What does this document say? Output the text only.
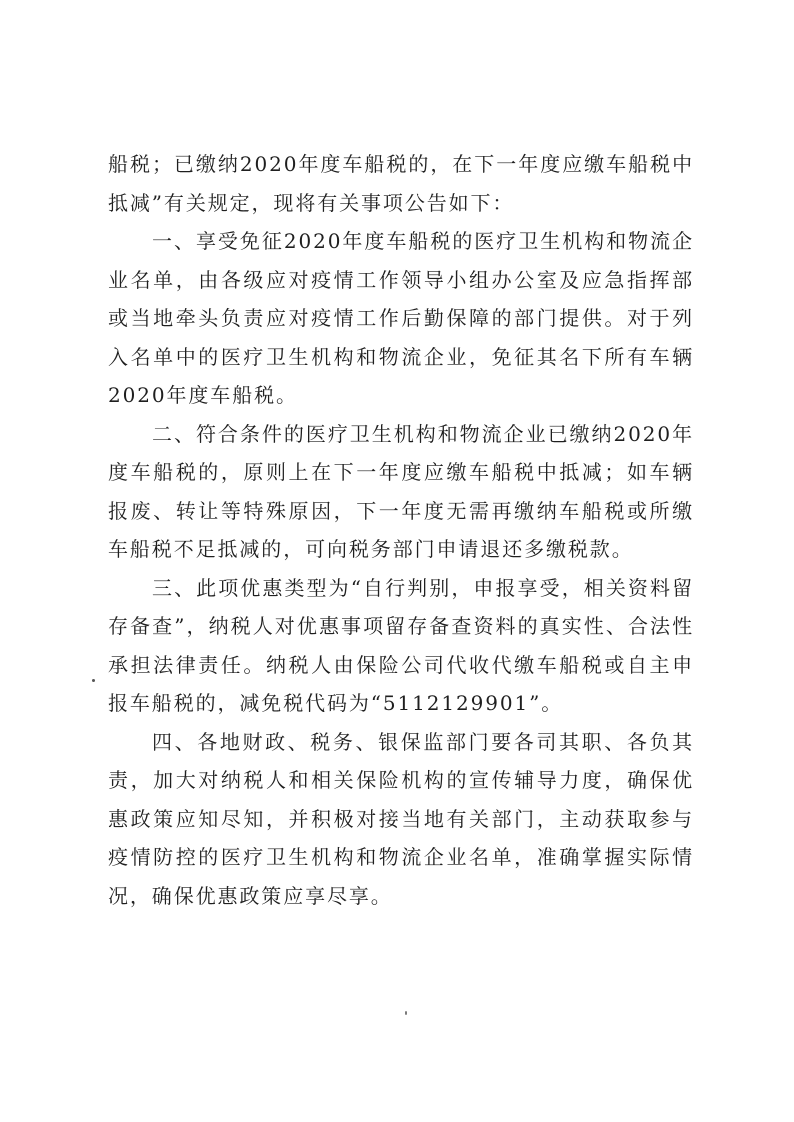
船税；已缴纳2020年度车船税的，在下一年度应缴车船税中抵减”有关规定，现将有关事项公告如下：

一、享受免征2020年度车船税的医疗卫生机构和物流企业名单，由各级应对疫情工作领导小组办公室及应急指挥部或当地牵头负责应对疫情工作后勤保障的部门提供。对于列入名单中的医疗卫生机构和物流企业，免征其名下所有车辆2020年度车船税。

二、符合条件的医疗卫生机构和物流企业已缴纳2020年度车船税的，原则上在下一年度应缴车船税中抵减；如车辆报废、转让等特殊原因，下一年度无需再缴纳车船税或所缴车船税不足抵减的，可向税务部门申请退还多缴税款。

三、此项优惠类型为“自行判别，申报享受，相关资料留存备查”，纳税人对优惠事项留存备查资料的真实性、合法性承担法律责任。纳税人由保险公司代收代缴车船税或自主申报车船税的，减免税代码为“5112129901”。

四、各地财政、税务、银保监部门要各司其职、各负其责，加大对纳税人和相关保险机构的宣传辅导力度，确保优惠政策应知尽知，并积极对接当地有关部门，主动获取参与疫情防控的医疗卫生机构和物流企业名单，准确掌握实际情况，确保优惠政策应享尽享。
